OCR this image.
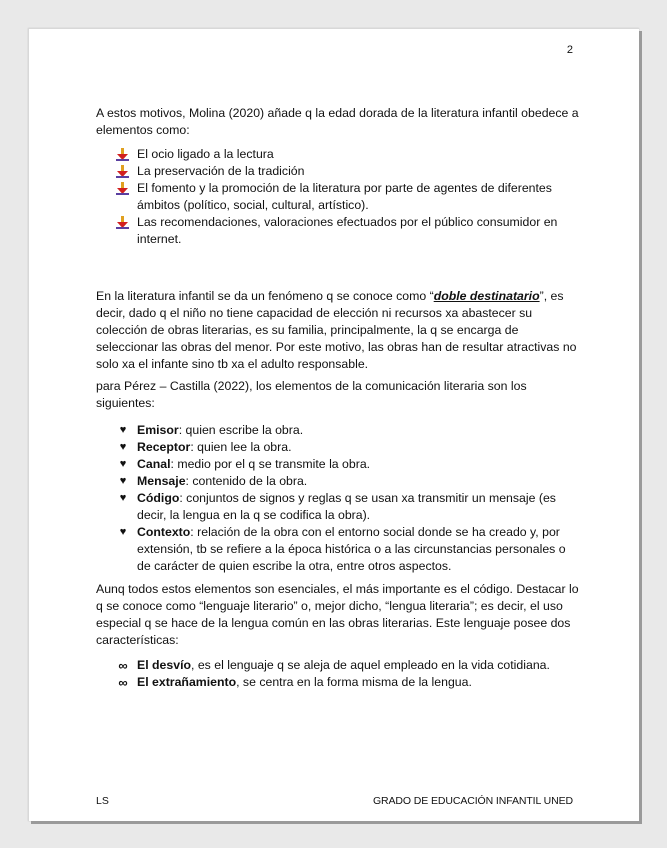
2

A estos motivos, Molina (2020) añade q la edad dorada de la literatura infantil obedece a elementos como:

El ocio ligado a la lectura
La preservación de la tradición
El fomento y la promoción de la literatura por parte de agentes de diferentes ámbitos (político, social, cultural, artístico).
Las recomendaciones, valoraciones efectuados por el público consumidor en internet.

En la literatura infantil se da un fenómeno q se conoce como “doble destinatario”, es decir, dado q el niño no tiene capacidad de elección ni recursos xa abastecer su colección de obras literarias, es su familia, principalmente, la q se encarga de seleccionar las obras del menor. Por este motivo, las obras han de resultar atractivas no solo xa el infante sino tb xa el adulto responsable.

para Pérez – Castilla (2022), los elementos de la comunicación literaria son los siguientes:

♥ Emisor: quien escribe la obra.
♥ Receptor: quien lee la obra.
♥ Canal: medio por el q se transmite la obra.
♥ Mensaje: contenido de la obra.
♥ Código: conjuntos de signos y reglas q se usan xa transmitir un mensaje (es decir, la lengua en la q se codifica la obra).
♥ Contexto: relación de la obra con el entorno social donde se ha creado y, por extensión, tb se refiere a la época histórica o a las circunstancias personales o de carácter de quien escribe la otra, entre otros aspectos.

Aunq todos estos elementos son esenciales, el más importante es el código. Destacar lo q se conoce como “lenguaje literario” o, mejor dicho, “lengua literaria”; es decir, el uso especial q se hace de la lengua común en las obras literarias. Este lenguaje posee dos características:

∞ El desvío, es el lenguaje q se aleja de aquel empleado en la vida cotidiana.
∞ El extrañamiento, se centra en la forma misma de la lengua.
LS	GRADO DE EDUCACIÓN INFANTIL UNED
